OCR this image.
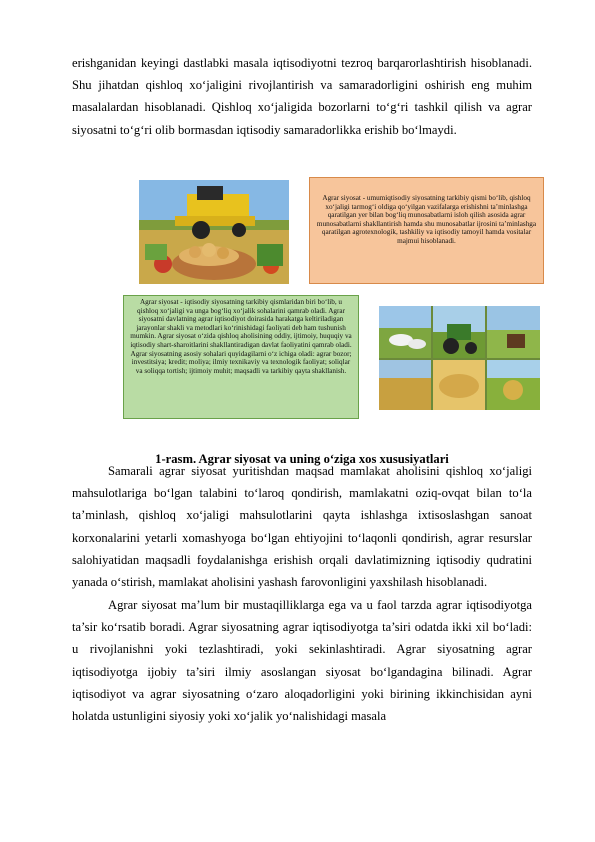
erishganidan keyingi dastlabki masala iqtisodiyotni tezroq barqarorlashtirish hisoblanadi. Shu jihatdan qishloq xo‘jaligini rivojlantirish va samaradorligini oshirish eng muhim masalalardan hisoblanadi. Qishloq xo‘jaligida bozorlarni to‘g‘ri tashkil qilish va agrar siyosatni to‘g‘ri olib bormasdan iqtisodiy samaradorlikka erishib bo‘lmaydi.

Agrar siyosat - umumiqtisodiy siyosatning tarkibiy qismi bo‘lib, qishloq xo‘jaligi tarmog‘i oldiga qo‘yilgan vazifalarga erishishni ta’minlashga qaratilgan yer bilan bog‘liq munosabatlarni isloh qilish asosida agrar munosabatlarni shakllantirish hamda shu munosabatlar ijrosini ta’minlashga qaratilgan agrotexnologik, tashkiliy va iqtisodiy tamoyil hamda vositalar majmui hisoblanadi.
Agrar siyosat - iqtisodiy siyosatning tarkibiy qismlaridan biri bo‘lib, u qishloq xo‘jaligi va unga bog‘liq xo‘jalik sohalarini qamrab oladi. Agrar siyosatni davlatning agrar iqtisodiyot doirasida harakatga keltiriladigan jarayonlar shakli va metodlari ko‘rinishidagi faoliyati deb ham tushunish mumkin. Agrar siyosat o‘zida qishloq aholisining oddiy, ijtimoiy, huquqiy va iqtisodiy shart-sharoitlarini shakllantiradigan davlat faoliyatini qamrab oladi. Agrar siyosatning asosiy sohalari quyidagilarni o‘z ichiga oladi: agrar bozor; investitsiya; kredit; moliya; ilmiy texnikaviy va texnologik faoliyat; soliqlar va soliqqa tortish; ijtimoiy muhit; maqsadli va tarkibiy qayta shakllanish.

1-rasm. Agrar siyosat va uning o‘ziga xos xususiyatlari

Samarali agrar siyosat yuritishdan maqsad mamlakat aholisini qishloq xo‘jaligi mahsulotlariga bo‘lgan talabini to‘laroq qondirish, mamlakatni oziq-ovqat bilan to‘la ta’minlash, qishloq xo‘jaligi mahsulotlarini qayta ishlashga ixtisoslashgan sanoat korxonalarini yetarli xomashyoga bo‘lgan ehtiyojini to‘laqonli qondirish, agrar resurslar salohiyatidan maqsadli foydalanishga erishish orqali davlatimizning iqtisodiy qudratini yanada o‘stirish, mamlakat aholisini yashash farovonligini yaxshilash hisoblanadi.

Agrar siyosat ma’lum bir mustaqilliklarga ega va u faol tarzda agrar iqtisodiyotga ta’sir ko‘rsatib boradi. Agrar siyosatning agrar iqtisodiyotga ta’siri odatda ikki xil bo‘ladi: u rivojlanishni yoki tezlashtiradi, yoki sekinlashtiradi. Agrar siyosatning agrar iqtisodiyotga ijobiy ta’siri ilmiy asoslangan siyosat bo‘lgandagina bilinadi. Agrar iqtisodiyot va agrar siyosatning o‘zaro aloqadorligini yoki birining ikkinchisidan ayni holatda ustunligini siyosiy yoki xo‘jalik yo‘nalishidagi masala
